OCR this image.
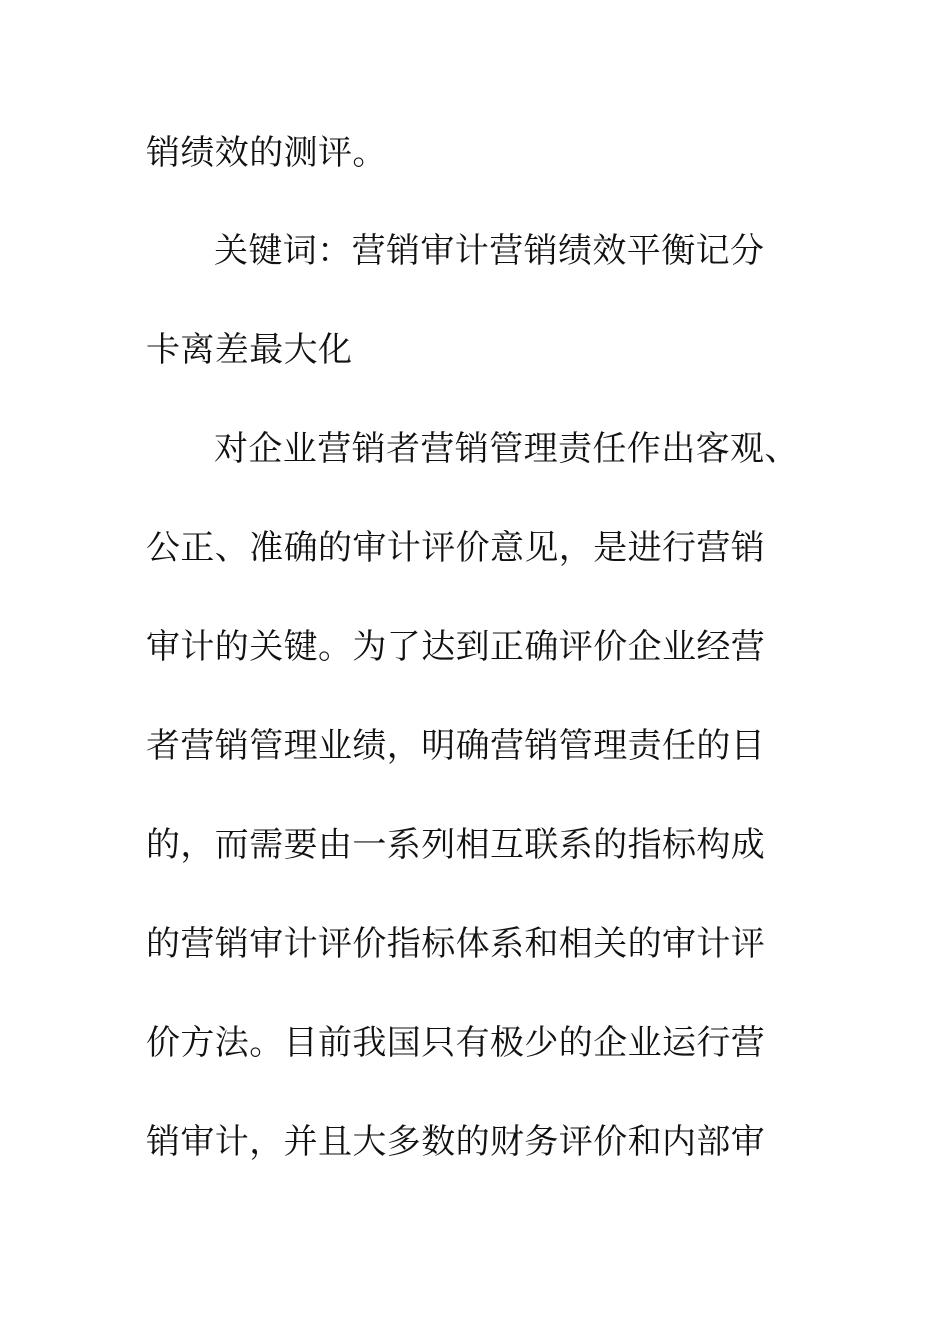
销绩效的测评。
关键词：营销审计营销绩效平衡记分
卡离差最大化
对企业营销者营销管理责任作出客观、
公正、准确的审计评价意见，是进行营销
审计的关键。为了达到正确评价企业经营
者营销管理业绩，明确营销管理责任的目
的，而需要由一系列相互联系的指标构成
的营销审计评价指标体系和相关的审计评
价方法。目前我国只有极少的企业运行营
销审计，并且大多数的财务评价和内部审
